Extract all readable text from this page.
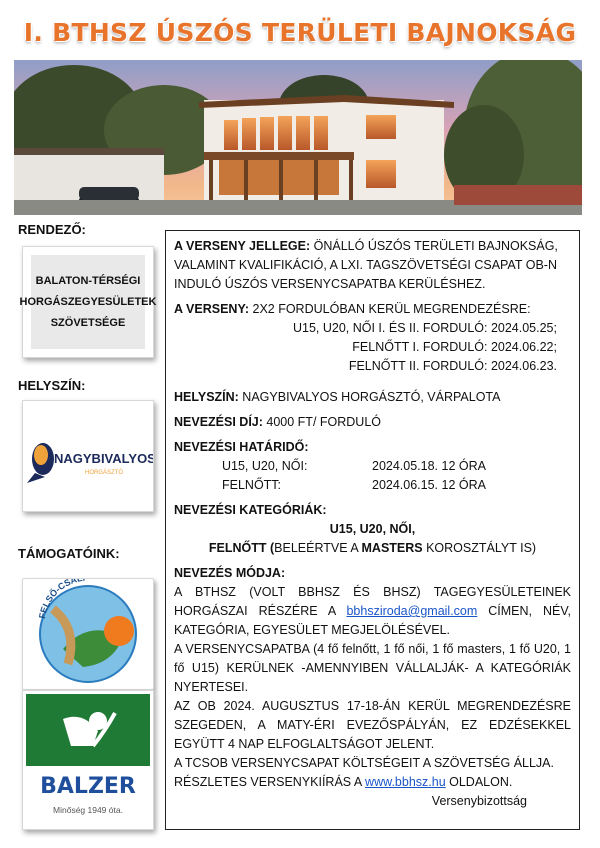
I. BTHSZ ÚSZÓS TERÜLETI BAJNOKSÁG
RENDEZŐ:
BALATON-TÉRSÉGI
HORGÁSZEGYESÜLETEK
SZÖVETSÉGE
HELYSZÍN:
NAGYBIVALYOS
HORGÁSZTÓ
TÁMOGATÓINK:
FELSŐ-CSA
BALZER
Minőség 1949 óta.
A VERSENY JELLEGE: ÖNÁLLÓ ÚSZÓS TERÜLETI BAJNOKSÁG, VALAMINT KVALIFIKÁCIÓ, A LXI. TAGSZÖVETSÉGI CSAPAT OB-N INDULÓ ÚSZÓS VERSENYCSAPATBA KERÜLÉSHEZ.
A VERSENY: 2X2 FORDULÓBAN KERÜL MEGRENDEZÉSRE:
U15, U20, NŐI I. ÉS II. FORDULÓ: 2024.05.25;
FELNŐTT I. FORDULÓ: 2024.06.22;
FELNŐTT II. FORDULÓ: 2024.06.23.
HELYSZÍN: NAGYBIVALYOS HORGÁSZTÓ, VÁRPALOTA
NEVEZÉSI DÍJ: 4000 FT/ FORDULÓ
NEVEZÉSI HATÁRIDŐ:
U15, U20, NŐI:	2024.05.18. 12 ÓRA
FELNŐTT:	2024.06.15. 12 ÓRA
NEVEZÉSI KATEGÓRIÁK:
U15, U20, NŐI,
FELNŐTT (BELEÉRTVE A MASTERS KOROSZTÁLYT IS)
NEVEZÉS MÓDJA:
A BTHSZ (VOLT BBHSZ ÉS BHSZ) TAGEGYESÜLETEINEK HORGÁSZAI RÉSZÉRE A bbhsziroda@gmail.com CÍMEN, NÉV, KATEGÓRIA, EGYESÜLET MEGJELÖLÉSÉVEL.
A VERSENYCSAPATBA (4 fő felnőtt, 1 fő női, 1 fő masters, 1 fő U20, 1 fő U15) KERÜLNEK -AMENNYIBEN VÁLLALJÁK- A KATEGÓRIÁK NYERTESEI.
AZ OB 2024. AUGUSZTUS 17-18-ÁN KERÜL MEGRENDEZÉSRE SZEGEDEN, A MATY-ÉRI EVEZŐSPÁLYÁN, EZ EDZÉSEKKEL EGYÜTT 4 NAP ELFOGLALTSÁGOT JELENT.
A TCSOB VERSENYCSAPAT KÖLTSÉGEIT A SZÖVETSÉG ÁLLJA.
RÉSZLETES VERSENYKIÍRÁS A www.bbhsz.hu OLDALON.
Versenybizottság
